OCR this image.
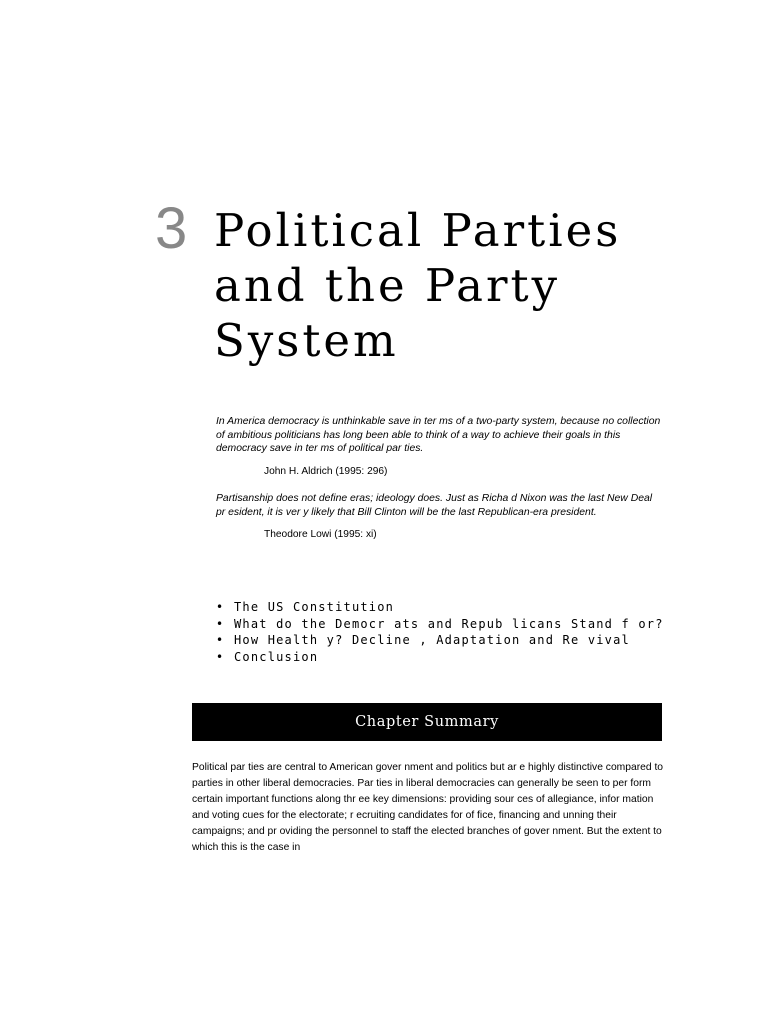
3 Political Parties and the Party System

In America democracy is unthinkable save in ter ms of a two-party system, because no collection of ambitious politicians has long been able to think of a way to achieve their goals in this democracy save in ter ms of political par ties.

John H. Aldrich (1995: 296)

Partisanship does not define eras; ideology does. Just as Richa d Nixon was the last New Deal pr esident, it is ver y likely that Bill Clinton will be the last Republican-era president.

Theodore Lowi (1995: xi)

• The US Constitution
• What do the Democr ats and Repub licans Stand f or?
• How Health y? Decline , Adaptation and Re vival
• Conclusion
Chapter Summary

Political par ties are central to American gover nment and politics but ar e highly distinctive compared to parties in other liberal democracies. Par ties in liberal democracies can generally be seen to per form certain important functions along thr ee key dimensions: providing sour ces of allegiance, infor mation and voting cues for the electorate; r ecruiting candidates for of fice, financing and unning their campaigns; and pr oviding the personnel to staff the elected branches of gover nment. But the extent to which this is the case in
